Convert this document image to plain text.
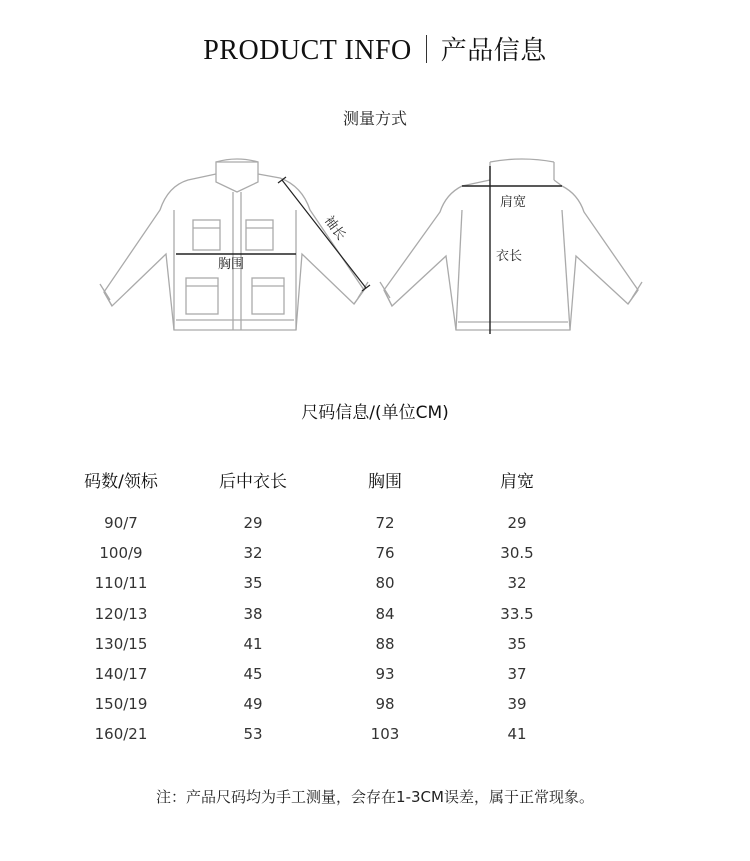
PRODUCT INFO 产品信息
测量方式
胸围
袖长
肩宽
衣长
尺码信息/(单位CM)
码数/领标	后中衣长	胸围	肩宽
90/7	29	72	29
100/9	32	76	30.5
110/11	35	80	32
120/13	38	84	33.5
130/15	41	88	35
140/17	45	93	37
150/19	49	98	39
160/21	53	103	41
注：产品尺码均为手工测量，会存在1-3CM误差，属于正常现象。
